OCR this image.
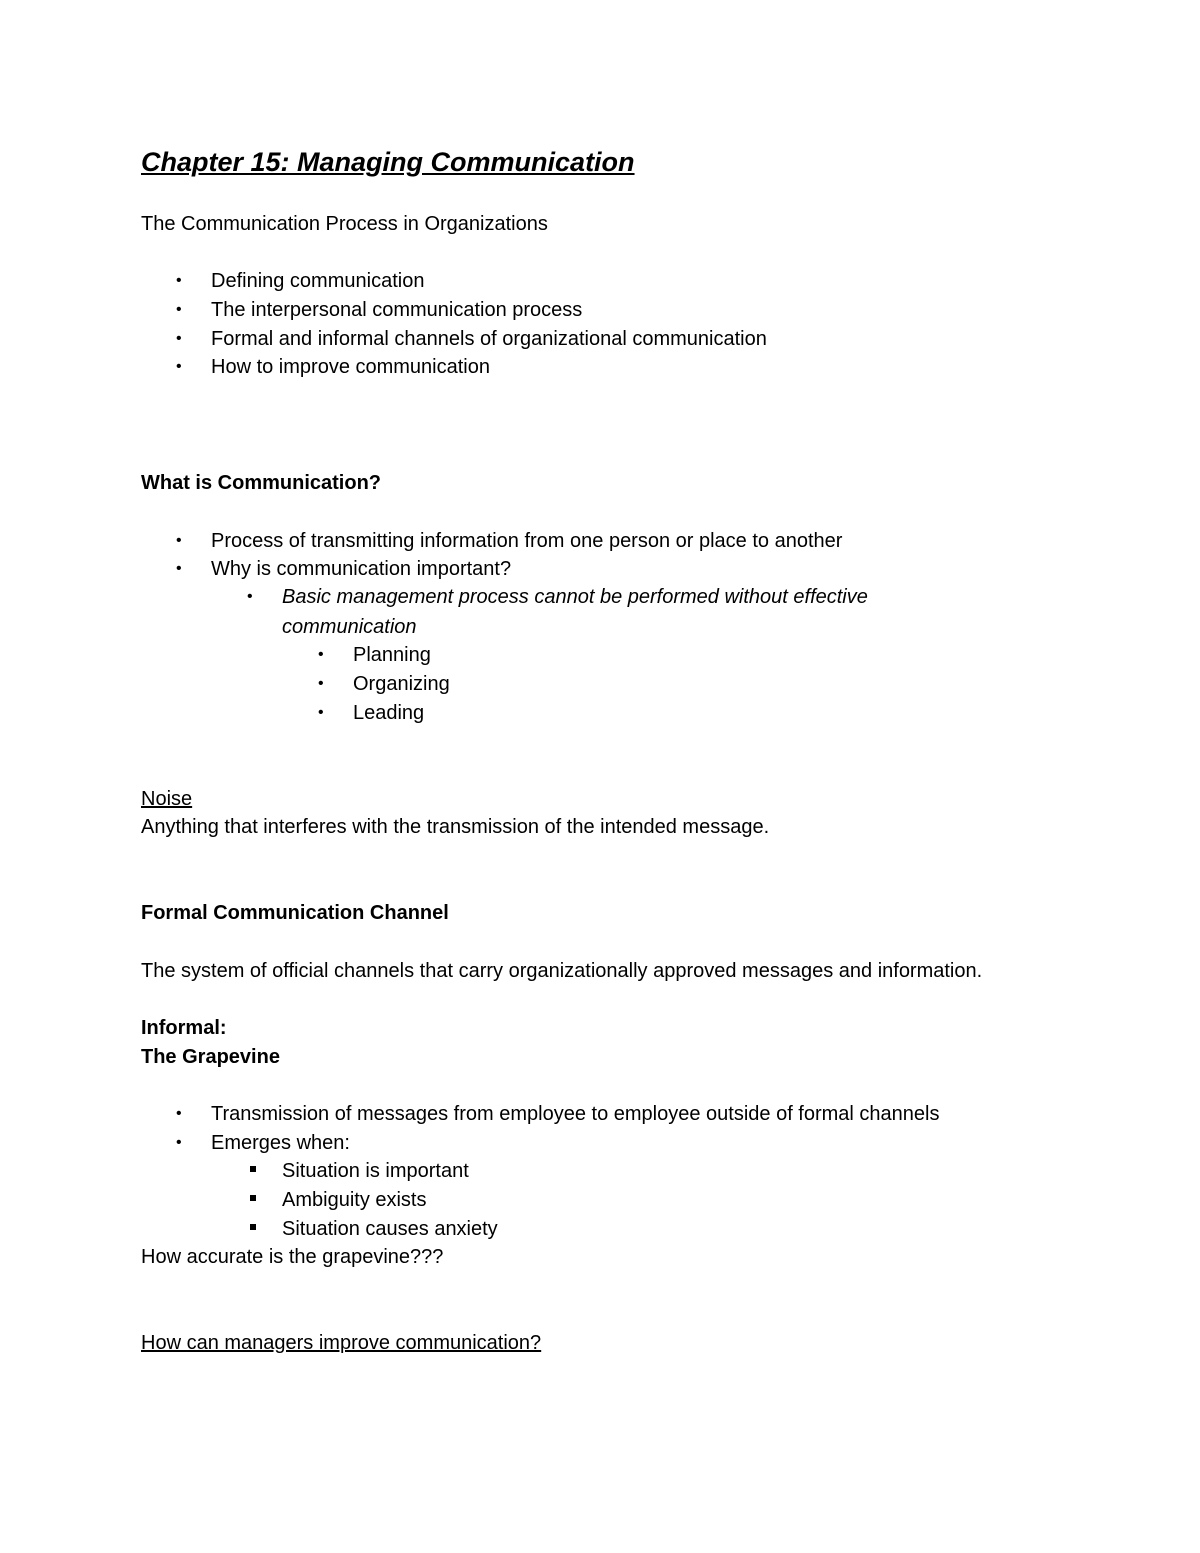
Chapter 15: Managing Communication
The Communication Process in Organizations
• Defining communication
• The interpersonal communication process
• Formal and informal channels of organizational communication
• How to improve communication
What is Communication?
• Process of transmitting information from one person or place to another
• Why is communication important?
• Basic management process cannot be performed without effective
communication
• Planning
• Organizing
• Leading
Noise
Anything that interferes with the transmission of the intended message.
Formal Communication Channel
The system of official channels that carry organizationally approved messages and information.
Informal:
The Grapevine
• Transmission of messages from employee to employee outside of formal channels
• Emerges when:
Situation is important
Ambiguity exists
Situation causes anxiety
How accurate is the grapevine???
How can managers improve communication?
